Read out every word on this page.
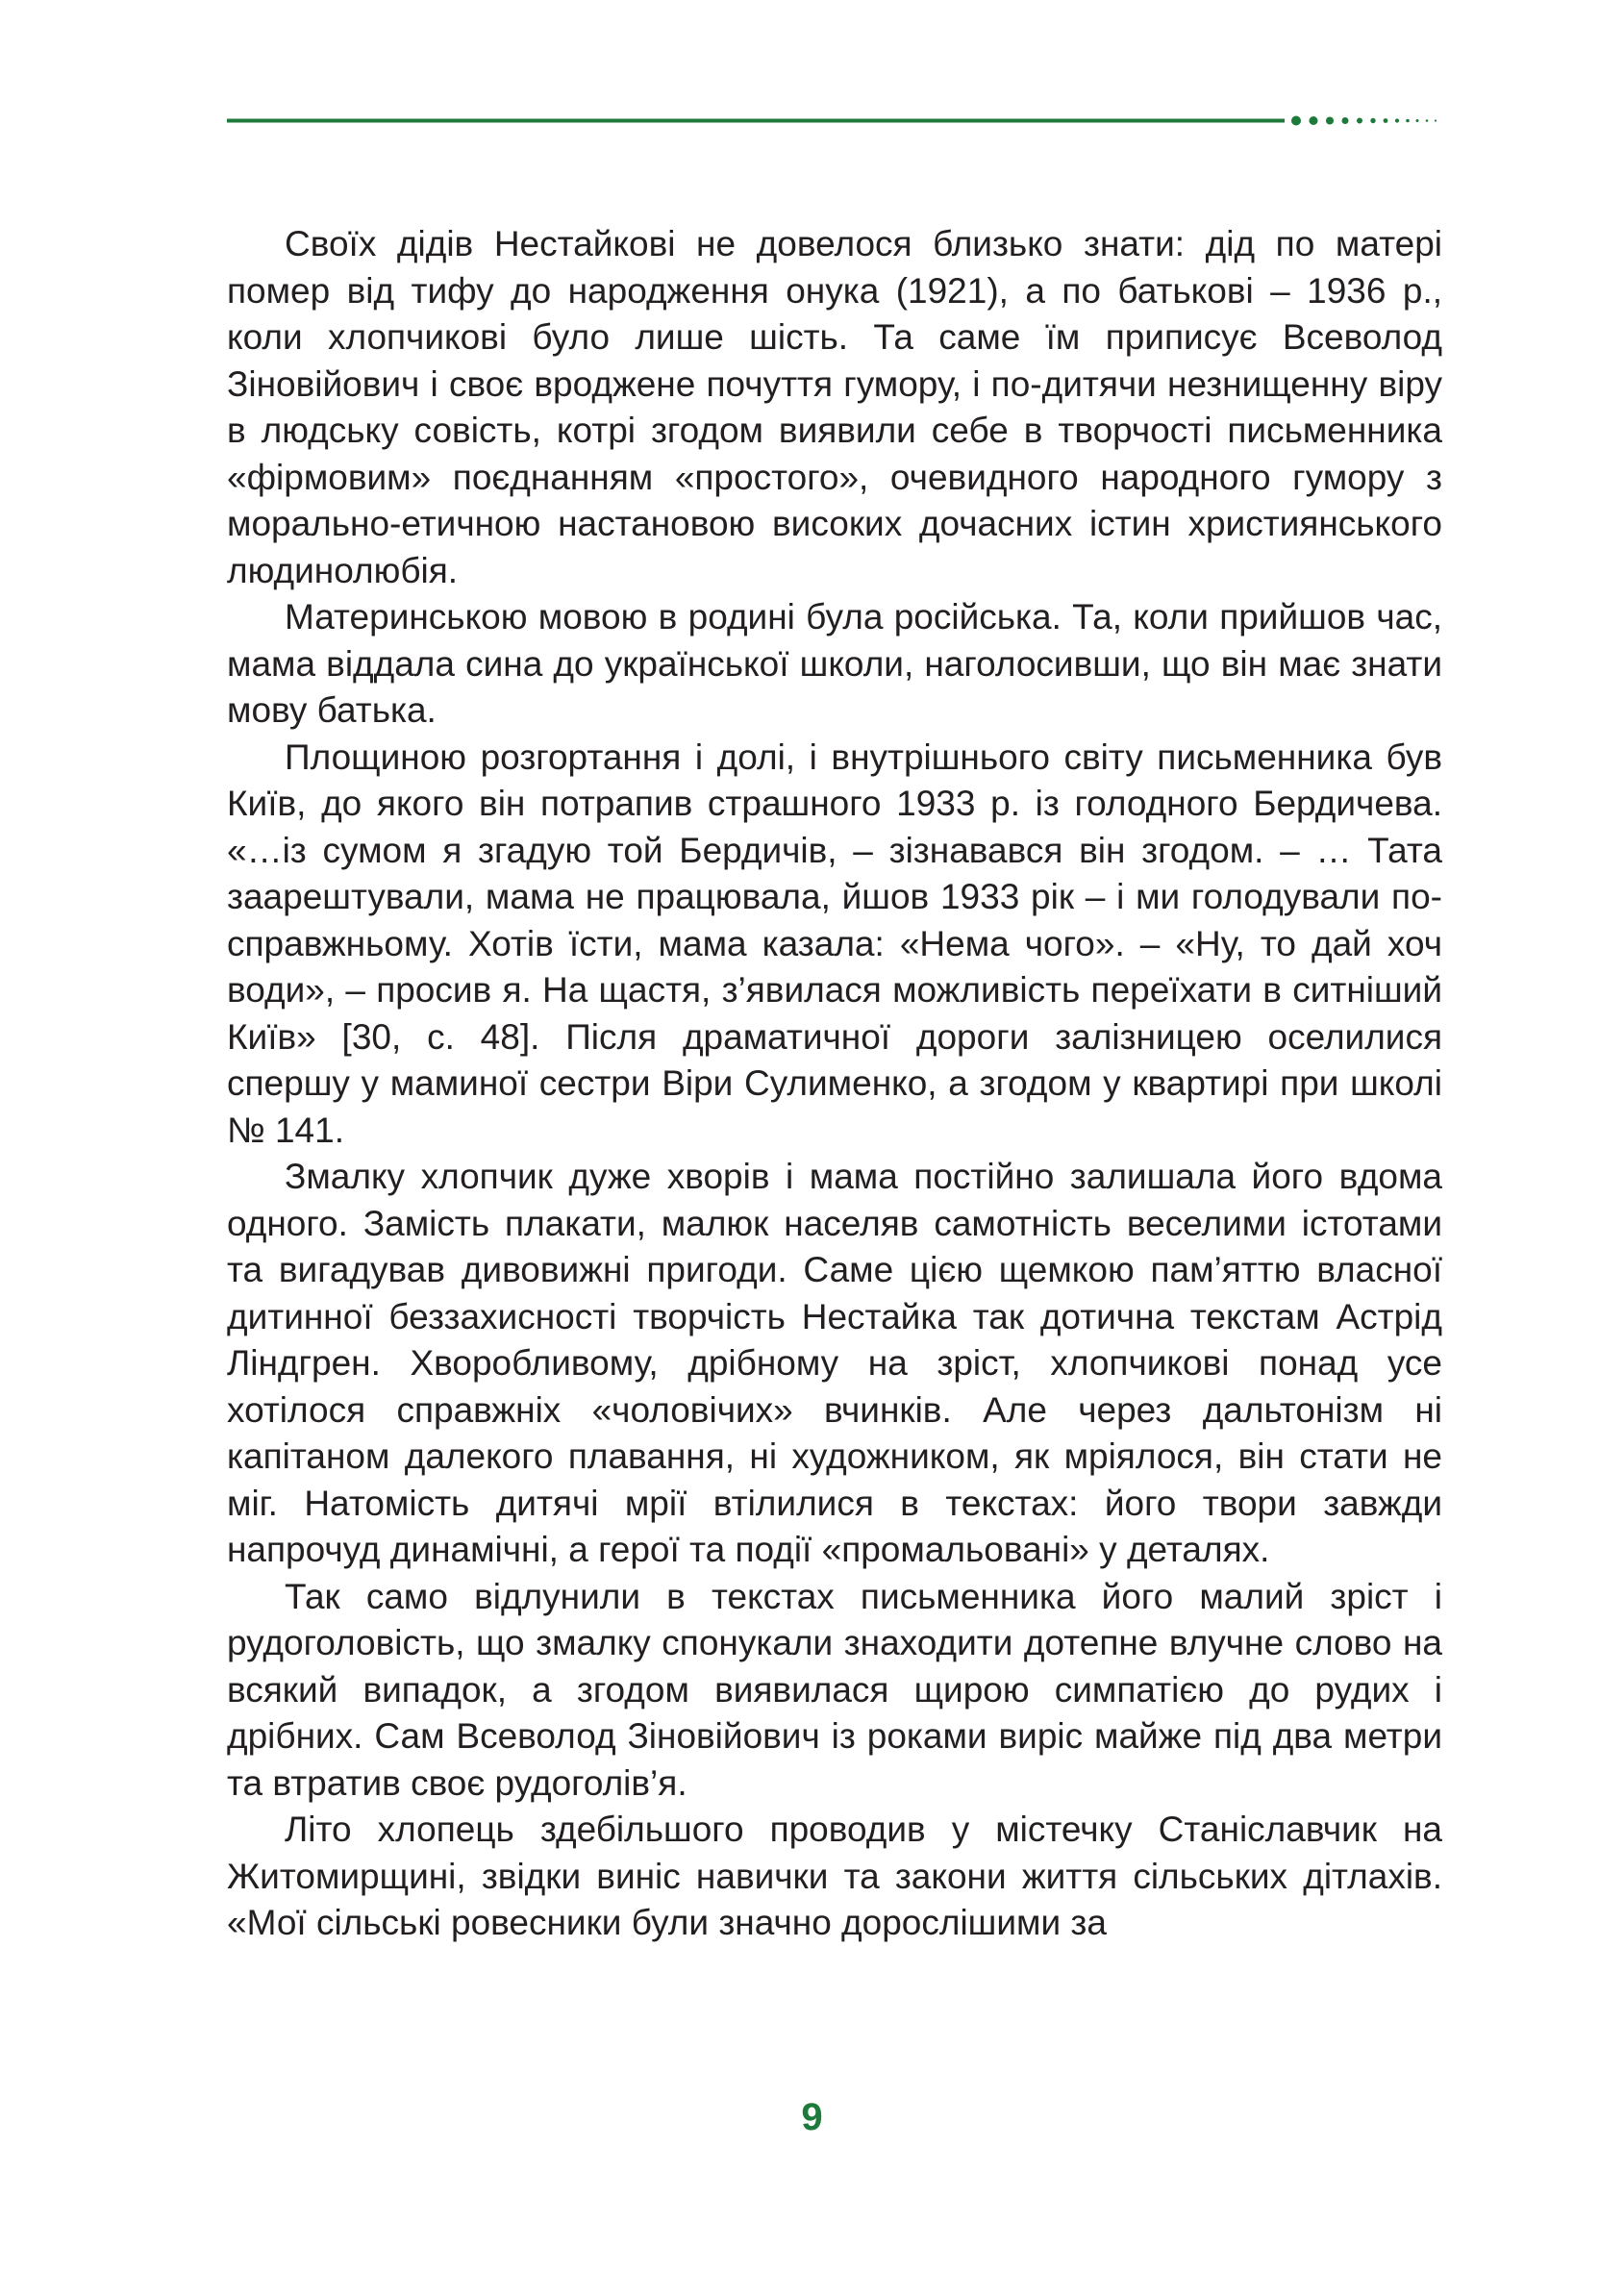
Своїх дідів Нестайкові не довелося близько знати: дід по матері помер від тифу до народження онука (1921), а по батькові – 1936 р., коли хлопчикові було лише шість. Та саме їм приписує Всеволод Зіновійович і своє вроджене почуття гумору, і по-дитячи незнищенну віру в людську совість, котрі згодом виявили себе в творчості письменника «фірмовим» поєднанням «простого», очевидного народного гумору з морально-етичною настановою високих дочасних істин християнського людинолюбія.

Материнською мовою в родині була російська. Та, коли прийшов час, мама віддала сина до української школи, наголосивши, що він має знати мову батька.

Площиною розгортання і долі, і внутрішнього світу письменника був Київ, до якого він потрапив страшного 1933 р. із голодного Бердичева. «…із сумом я згадую той Бердичів, – зізнавався він згодом. – … Тата заарештували, мама не працювала, йшов 1933 рік – і ми голодували по-справжньому. Хотів їсти, мама казала: «Нема чого». – «Ну, то дай хоч води», – просив я. На щастя, з’явилася можливість переїхати в ситніший Київ» [30, с. 48]. Після драматичної дороги залізницею оселилися спершу у маминої сестри Віри Сулименко, а згодом у квартирі при школі № 141.

Змалку хлопчик дуже хворів і мама постійно залишала його вдома одного. Замість плакати, малюк населяв самотність веселими істотами та вигадував дивовижні пригоди. Саме цією щемкою пам’яттю власної дитинної беззахисності творчість Нестайка так дотична текстам Астрід Ліндгрен. Хворобливому, дрібному на зріст, хлопчикові понад усе хотілося справжніх «чоловічих» вчинків. Але через дальтонізм ні капітаном далекого плавання, ні художником, як мріялося, він стати не міг. Натомість дитячі мрії втілилися в текстах: його твори завжди напрочуд динамічні, а герої та події «промальовані» у деталях.

Так само відлунили в текстах письменника його малий зріст і рудоголовість, що змалку спонукали знаходити дотепне влучне слово на всякий випадок, а згодом виявилася щирою симпатією до рудих і дрібних. Сам Всеволод Зіновійович із роками виріс майже під два метри та втратив своє рудоголів’я.

Літо хлопець здебільшого проводив у містечку Станіславчик на Житомирщині, звідки виніс навички та закони життя сільських дітлахів. «Мої сільські ровесники були значно дорослішими за

9
